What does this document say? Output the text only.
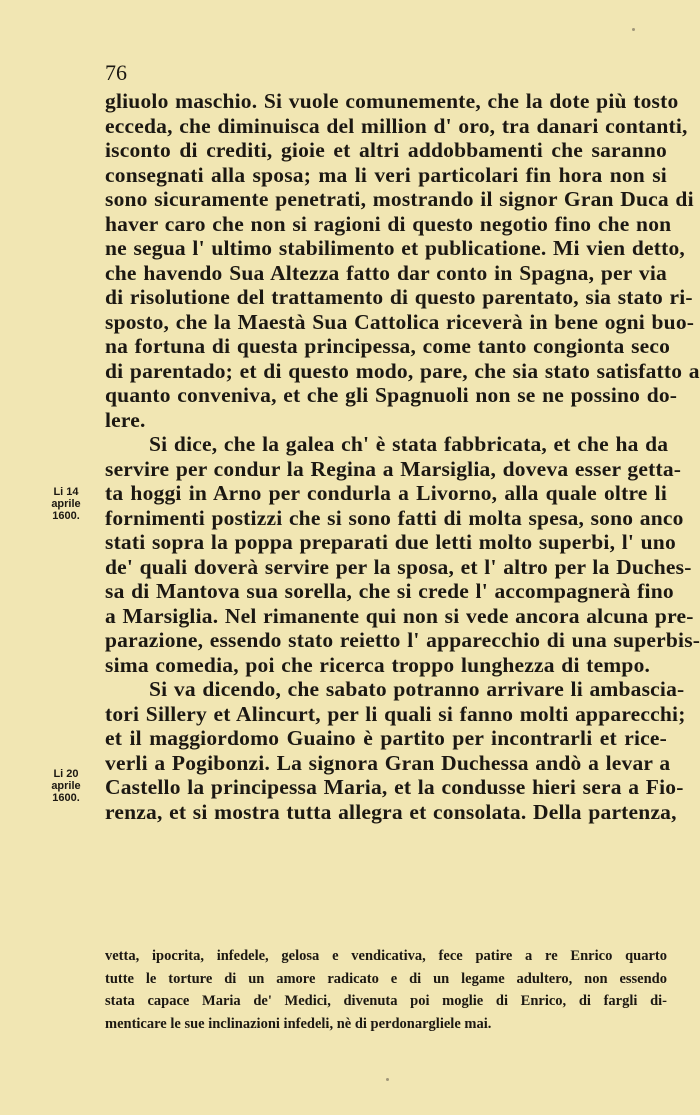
76
gliuolo maschio. Si vuole comunemente, che la dote più tosto
ecceda, che diminuisca del million d' oro, tra danari contanti,
isconto di crediti, gioie et altri addobbamenti che saranno
consegnati alla sposa; ma li veri particolari fin hora non si
sono sicuramente penetrati, mostrando il signor Gran Duca di
haver caro che non si ragioni di questo negotio fino che non
ne segua l' ultimo stabilimento et publicatione. Mi vien detto,
che havendo Sua Altezza fatto dar conto in Spagna, per via
di risolutione del trattamento di questo parentato, sia stato ri-
sposto, che la Maestà Sua Cattolica riceverà in bene ogni buo-
na fortuna di questa principessa, come tanto congionta seco
di parentado; et di questo modo, pare, che sia stato satisfatto a
quanto conveniva, et che gli Spagnuoli non se ne possino do-
lere.
Si dice, che la galea ch' è stata fabbricata, et che ha da
servire per condur la Regina a Marsiglia, doveva esser getta-
ta hoggi in Arno per condurla a Livorno, alla quale oltre li
fornimenti postizzi che si sono fatti di molta spesa, sono anco
stati sopra la poppa preparati due letti molto superbi, l' uno
de' quali doverà servire per la sposa, et l' altro per la Duches-
sa di Mantova sua sorella, che si crede l' accompagnerà fino
a Marsiglia. Nel rimanente qui non si vede ancora alcuna pre-
parazione, essendo stato reietto l' apparecchio di una superbis-
sima comedia, poi che ricerca troppo lunghezza di tempo.
Si va dicendo, che sabato potranno arrivare li ambascia-
tori Sillery et Alincurt, per li quali si fanno molti apparecchi;
et il maggiordomo Guaino è partito per incontrarli et rice-
verli a Pogibonzi. La signora Gran Duchessa andò a levar a
Castello la principessa Maria, et la condusse hieri sera a Fio-
renza, et si mostra tutta allegra et consolata. Della partenza,
Li 14
aprile
1600.
Li 20
aprile
1600.
vetta, ipocrita, infedele, gelosa e vendicativa, fece patire a re Enrico quarto
tutte le torture di un amore radicato e di un legame adultero, non essendo
stata capace Maria de' Medici, divenuta poi moglie di Enrico, di fargli di-
menticare le sue inclinazioni infedeli, nè di perdonargliele mai.
